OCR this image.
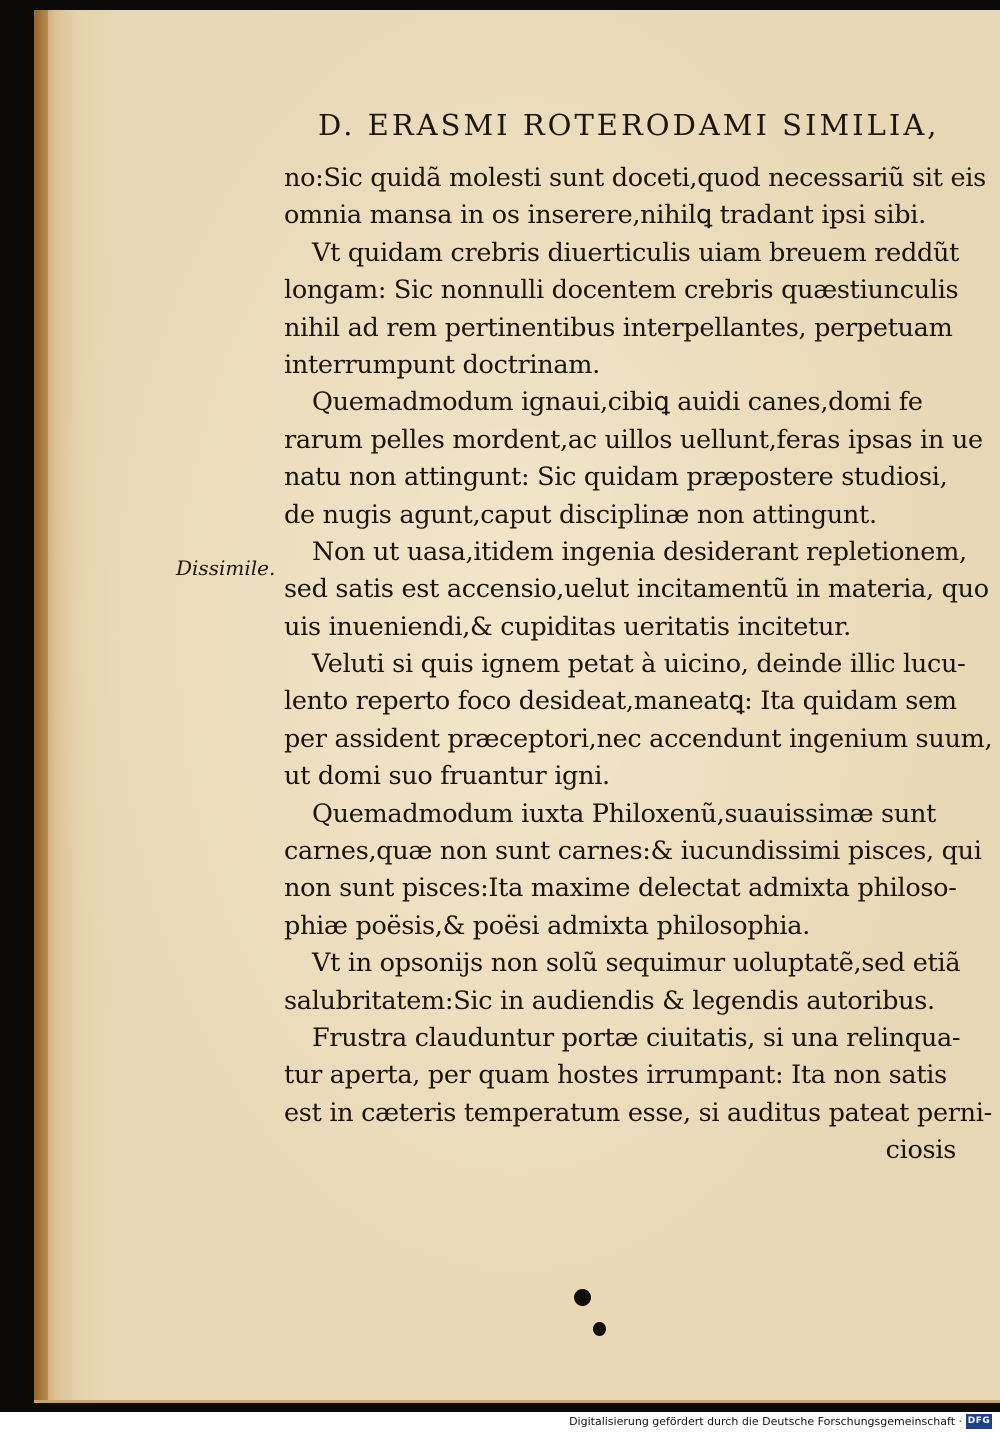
D. ERASMI ROTERODAMI SIMILIA,
Dissimile.
no:Sic quidã molesti sunt doceti,quod necessariũ sit eis
omnia mansa in os inserere,nihilꝗ tradant ipsi sibi.
Vt quidam crebris diuerticulis uiam breuem reddũt
longam: Sic nonnulli docentem crebris quæstiunculis
nihil ad rem pertinentibus interpellantes, perpetuam
interrumpunt doctrinam.
Quemadmodum ignaui,cibiꝗ auidi canes,domi fe
rarum pelles mordent,ac uillos uellunt,feras ipsas in ue
natu non attingunt: Sic quidam præpostere studiosi,
de nugis agunt,caput disciplinæ non attingunt.
Non ut uasa,itidem ingenia desiderant repletionem,
sed satis est accensio,uelut incitamentũ in materia, quo
uis inueniendi,& cupiditas ueritatis incitetur.
Veluti si quis ignem petat à uicino, deinde illic lucu-
lento reperto foco desideat,maneatꝗ: Ita quidam sem
per assident præceptori,nec accendunt ingenium suum,
ut domi suo fruantur igni.
Quemadmodum iuxta Philoxenũ,suauissimæ sunt
carnes,quæ non sunt carnes:& iucundissimi pisces, qui
non sunt pisces:Ita maxime delectat admixta philoso-
phiæ poësis,& poësi admixta philosophia.
Vt in opsonijs non solũ sequimur uoluptatẽ,sed etiã
salubritatem:Sic in audiendis & legendis autoribus.
Frustra clauduntur portæ ciuitatis, si una relinqua-
tur aperta, per quam hostes irrumpant: Ita non satis
est in cæteris temperatum esse, si auditus pateat perni-
ciosis
Digitalisierung gefördert durch die Deutsche Forschungsgemeinschaft · DFG
